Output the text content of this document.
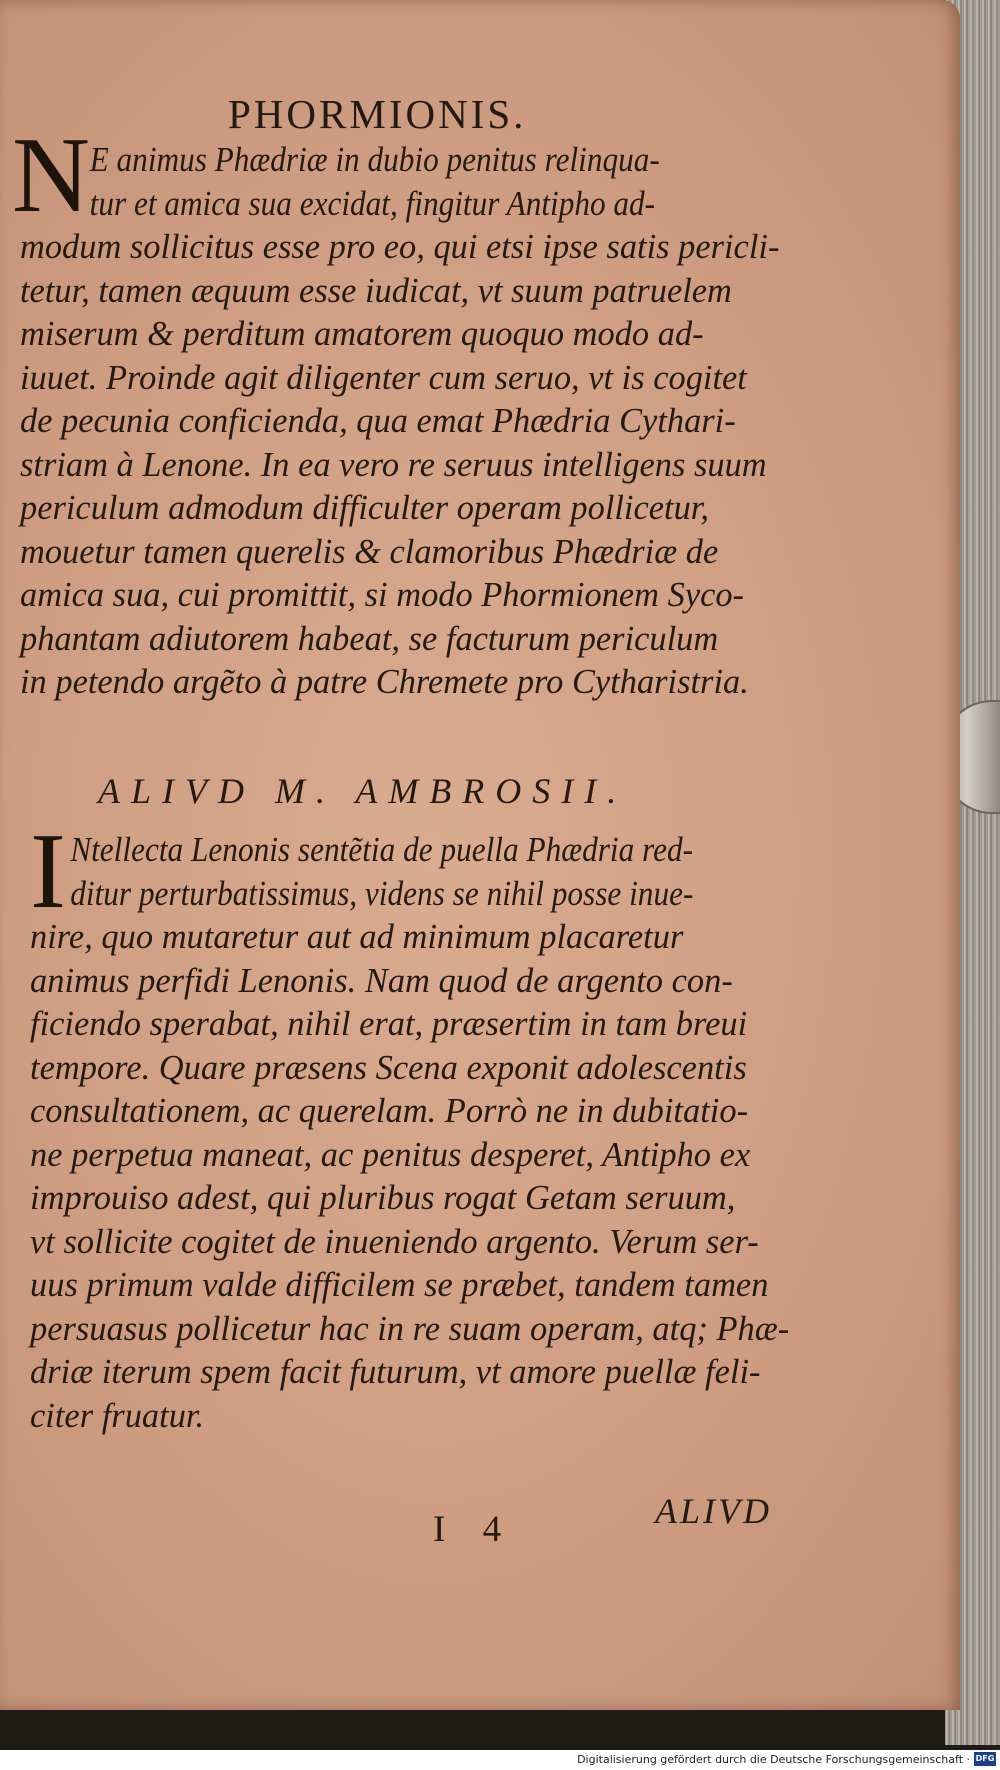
PHORMIONIS.
N E animus Phædriæ in dubio penitus relinqua-
tur et amica sua excidat, fingitur Antipho ad-
modum sollicitus esse pro eo, qui etsi ipse satis pericli-
tetur, tamen æquum esse iudicat, vt suum patruelem
miserum & perditum amatorem quoquo modo ad-
iuuet. Proinde agit diligenter cum seruo, vt is cogitet
de pecunia conficienda, qua emat Phædria Cythari-
striam à Lenone. In ea vero re seruus intelligens suum
periculum admodum difficulter operam pollicetur,
mouetur tamen querelis & clamoribus Phædriæ de
amica sua, cui promittit, si modo Phormionem Syco-
phantam adiutorem habeat, se facturum periculum
in petendo argẽto à patre Chremete pro Cytharistria.
ALIVD M. AMBROSII.
I Ntellecta Lenonis sentẽtia de puella Phædria red-
ditur perturbatissimus, videns se nihil posse inue-
nire, quo mutaretur aut ad minimum placaretur
animus perfidi Lenonis. Nam quod de argento con-
ficiendo sperabat, nihil erat, præsertim in tam breui
tempore. Quare præsens Scena exponit adolescentis
consultationem, ac querelam. Porrò ne in dubitatio-
ne perpetua maneat, ac penitus desperet, Antipho ex
improuiso adest, qui pluribus rogat Getam seruum,
vt sollicite cogitet de inueniendo argento. Verum ser-
uus primum valde difficilem se præbet, tandem tamen
persuasus pollicetur hac in re suam operam, atq; Phæ-
driæ iterum spem facit futurum, vt amore puellæ feli-
citer fruatur.
I 4	ALIVD
Digitalisierung gefördert durch die Deutsche Forschungsgemeinschaft · DFG
